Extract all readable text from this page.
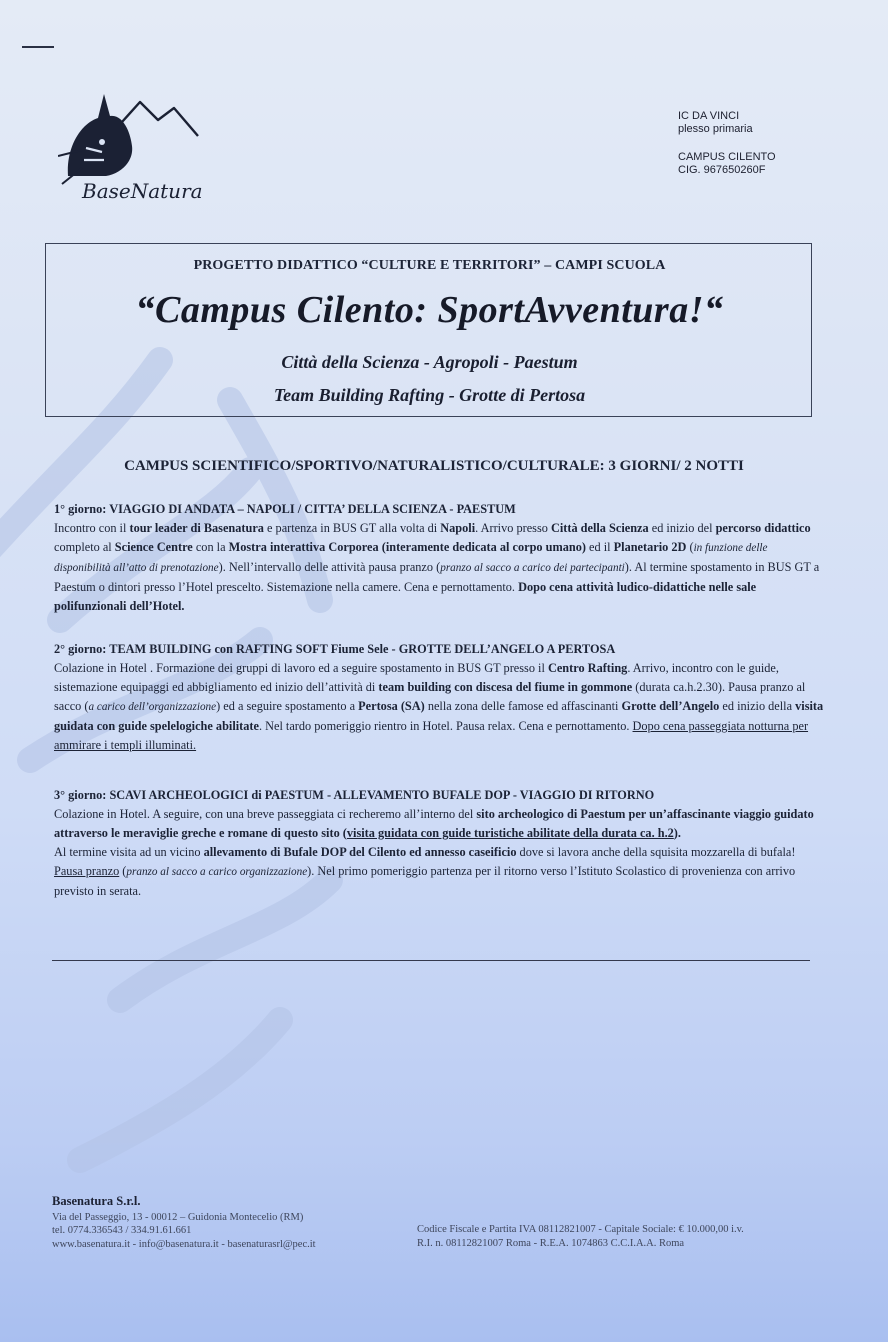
BaseNatura
IC DA VINCI
plesso primaria
CAMPUS CILENTO
CIG. 967650260F
PROGETTO DIDATTICO “CULTURE E TERRITORI” – CAMPI SCUOLA
“Campus Cilento: SportAvventura!“
Città della Scienza - Agropoli - Paestum
Team Building Rafting - Grotte di Pertosa
CAMPUS SCIENTIFICO/SPORTIVO/NATURALISTICO/CULTURALE: 3 GIORNI/ 2 NOTTI
1° giorno: VIAGGIO DI ANDATA – NAPOLI / CITTA’ DELLA SCIENZA - PAESTUM

Incontro con il tour leader di Basenatura e partenza in BUS GT alla volta di Napoli. Arrivo presso Città della Scienza ed inizio del percorso didattico completo al Science Centre con la Mostra interattiva Corporea (interamente dedicata al corpo umano) ed il Planetario 2D (in funzione delle disponibilità all’atto di prenotazione). Nell’intervallo delle attività pausa pranzo (pranzo al sacco a carico dei partecipanti). Al termine spostamento in BUS GT a Paestum o dintori presso l’Hotel prescelto. Sistemazione nella camere. Cena e pernottamento. Dopo cena attività ludico-didattiche nelle sale polifunzionali dell’Hotel.

2° giorno: TEAM BUILDING con RAFTING SOFT Fiume Sele - GROTTE DELL’ANGELO A PERTOSA

Colazione in Hotel . Formazione dei gruppi di lavoro ed a seguire spostamento in BUS GT presso il Centro Rafting. Arrivo, incontro con le guide, sistemazione equipaggi ed abbigliamento ed inizio dell’attività di team building con discesa del fiume in gommone (durata ca.h.2.30). Pausa pranzo al sacco (a carico dell’organizzazione) ed a seguire spostamento a Pertosa (SA) nella zona delle famose ed affascinanti Grotte dell’Angelo ed inizio della visita guidata con guide spelelogiche abilitate. Nel tardo pomeriggio rientro in Hotel. Pausa relax. Cena e pernottamento. Dopo cena passeggiata notturna per ammirare i templi illuminati.

3° giorno: SCAVI ARCHEOLOGICI di PAESTUM - ALLEVAMENTO BUFALE DOP - VIAGGIO DI RITORNO

Colazione in Hotel. A seguire, con una breve passeggiata ci recheremo all’interno del sito archeologico di Paestum per un’affascinante viaggio guidato attraverso le meraviglie greche e romane di questo sito (visita guidata con guide turistiche abilitate della durata ca. h.2).

Al termine visita ad un vicino allevamento di Bufale DOP del Cilento ed annesso caseificio dove si lavora anche della squisita mozzarella di bufala! Pausa pranzo (pranzo al sacco a carico organizzazione). Nel primo pomeriggio partenza per il ritorno verso l’Istituto Scolastico di provenienza con arrivo previsto in serata.

Basenatura S.r.l.
Via del Passeggio, 13 - 00012 – Guidonia Montecelio (RM)
tel. 0774.336543 / 334.91.61.661
www.basenatura.it - info@basenatura.it - basenaturasrl@pec.it
Codice Fiscale e Partita IVA 08112821007 - Capitale Sociale: € 10.000,00 i.v.
R.I. n. 08112821007 Roma - R.E.A. 1074863 C.C.I.A.A. Roma
